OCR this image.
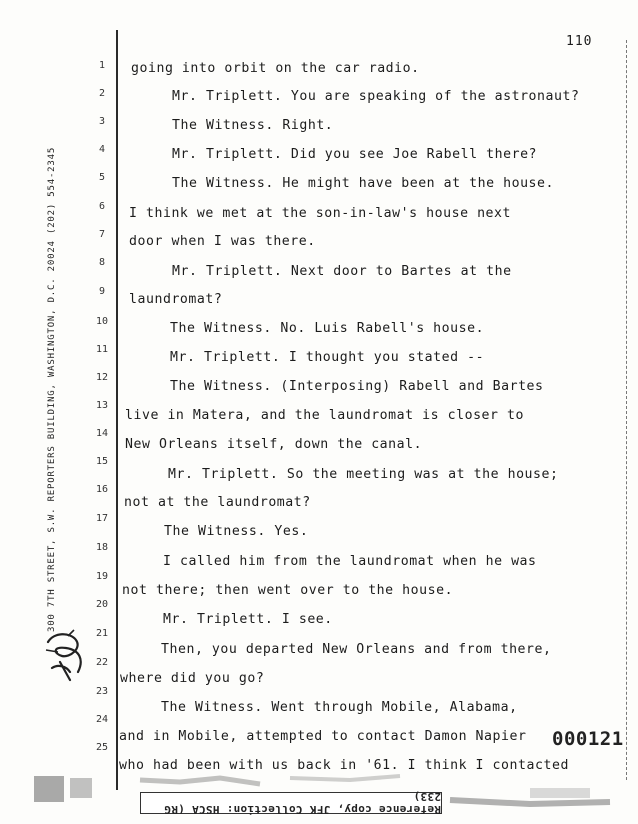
110
300 7TH STREET, S.W. REPORTERS BUILDING, WASHINGTON, D.C. 20024 (202) 554-2345
1
2
3
4
5
6
7
8
9
10
11
12
13
14
15
16
17
18
19
20
21
22
23
24
25
going into orbit on the car radio.
Mr. Triplett. You are speaking of the astronaut?
The Witness. Right.
Mr. Triplett. Did you see Joe Rabell there?
The Witness. He might have been at the house.
I think we met at the son-in-law's house next
door when I was there.
Mr. Triplett. Next door to Bartes at the
laundromat?
The Witness. No. Luis Rabell's house.
Mr. Triplett. I thought you stated --
The Witness. (Interposing) Rabell and Bartes
live in Matera, and the laundromat is closer to
New Orleans itself, down the canal.
Mr. Triplett. So the meeting was at the house;
not at the laundromat?
The Witness. Yes.
I called him from the laundromat when he was
not there; then went over to the house.
Mr. Triplett. I see.
Then, you departed New Orleans and from there,
where did you go?
The Witness. Went through Mobile, Alabama,
and in Mobile, attempted to contact Damon Napier
who had been with us back in '61. I think I contacted
000121
Reference copy, JFK Collection: HSCA (RG 233)
